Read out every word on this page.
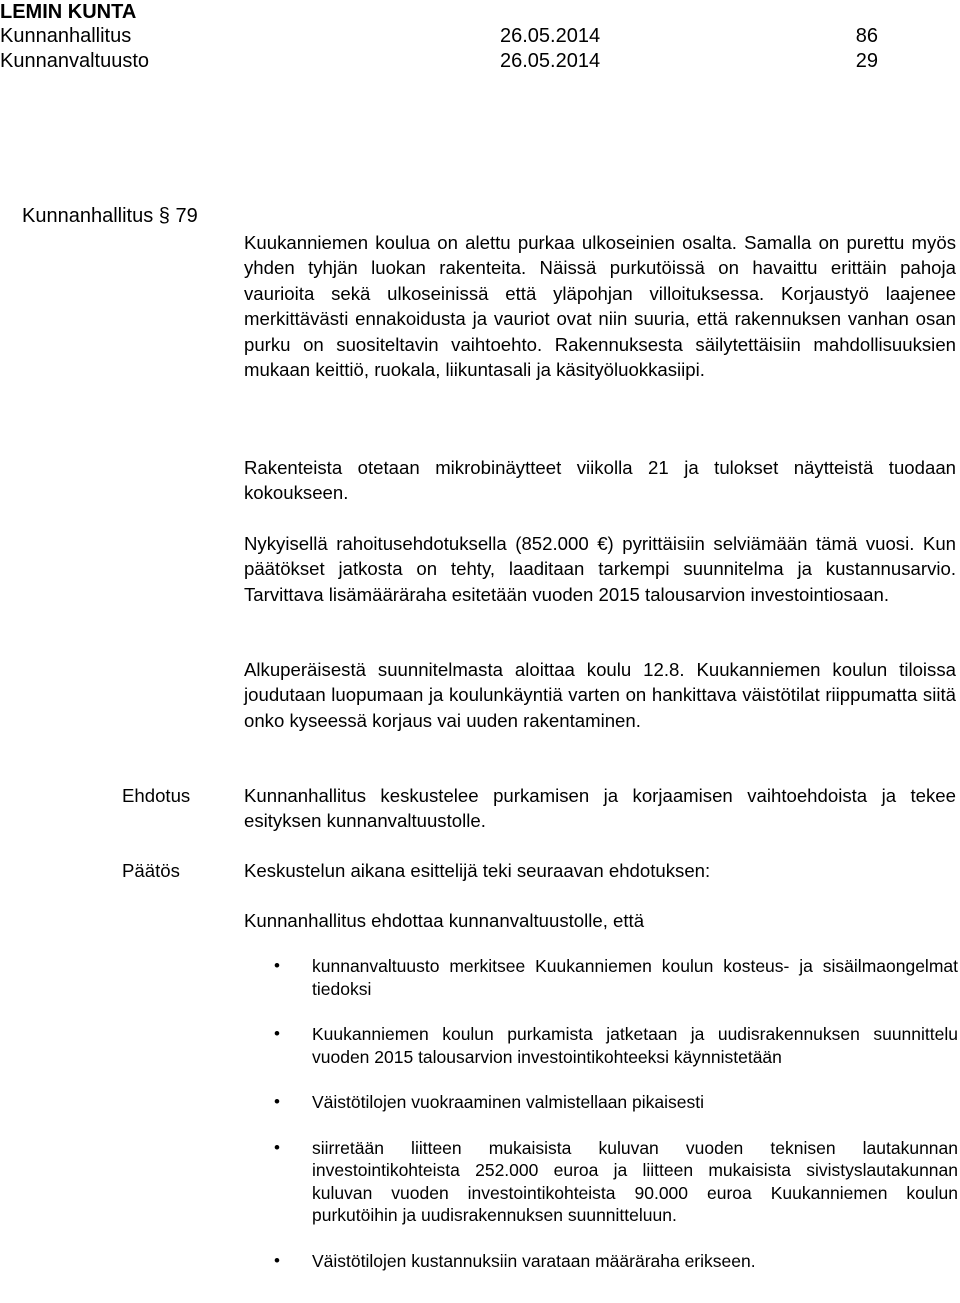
LEMIN KUNTA
Kunnanhallitus	26.05.2014	86
Kunnanvaltuusto	26.05.2014	29
Kunnanhallitus § 79

Kuukanniemen koulua on alettu purkaa ulkoseinien osalta. Samalla on purettu myös yhden tyhjän luokan rakenteita. Näissä purkutöissä on havaittu erittäin pahoja vaurioita sekä ulkoseinissä että yläpohjan villoituksessa. Korjaustyö laajenee merkittävästi ennakoidusta ja vauriot ovat niin suuria, että rakennuksen vanhan osan purku on suositeltavin vaihtoehto. Rakennuksesta säilytettäisiin mahdollisuuksien mukaan keittiö, ruokala, liikuntasali ja käsityöluokkasiipi.

Rakenteista otetaan mikrobinäytteet viikolla 21 ja tulokset näytteistä tuodaan kokoukseen.

Nykyisellä rahoitusehdotuksella (852.000 €) pyrittäisiin selviämään tämä vuosi. Kun päätökset jatkosta on tehty, laaditaan tarkempi suunnitelma ja kustannusarvio. Tarvittava lisämääräraha esitetään vuoden 2015 talousarvion investointiosaan.

Alkuperäisestä suunnitelmasta aloittaa koulu 12.8. Kuukanniemen koulun tiloissa joudutaan luopumaan ja koulunkäyntiä varten on hankittava väistötilat riippumatta siitä onko kyseessä korjaus vai uuden rakentaminen.

Ehdotus	Kunnanhallitus keskustelee purkamisen ja korjaamisen vaihtoehdoista ja tekee esityksen kunnanvaltuustolle.

Päätös	Keskustelun aikana esittelijä teki seuraavan ehdotuksen:

Kunnanhallitus ehdottaa kunnanvaltuustolle, että

• kunnanvaltuusto merkitsee Kuukanniemen koulun kosteus- ja sisäilmaongelmat tiedoksi
• Kuukanniemen koulun purkamista jatketaan ja uudisrakennuksen suunnittelu vuoden 2015 talousarvion investointikohteeksi käynnistetään
• Väistötilojen vuokraaminen valmistellaan pikaisesti
• siirretään liitteen mukaisista kuluvan vuoden teknisen lautakunnan investointikohteista 252.000 euroa ja liitteen mukaisista sivistyslautakunnan kuluvan vuoden investointikohteista 90.000 euroa Kuukanniemen koulun purkutöihin ja uudisrakennuksen suunnitteluun.
• Väistötilojen kustannuksiin varataan määräraha erikseen.
